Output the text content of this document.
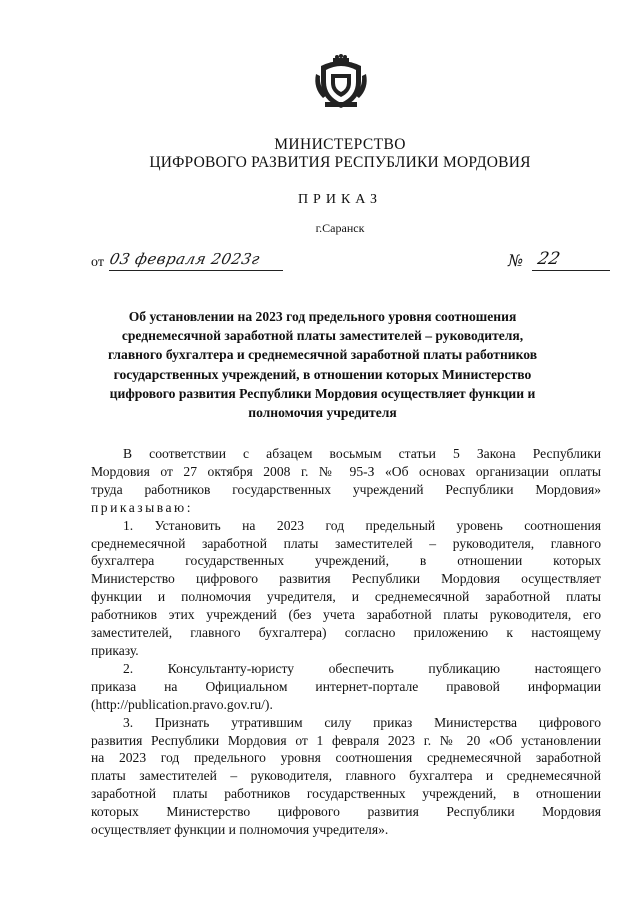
МИНИСТЕРСТВО
ЦИФРОВОГО РАЗВИТИЯ РЕСПУБЛИКИ МОРДОВИЯ
ПРИКАЗ
г.Саранск
от 03 февраля 2023г	№ 22
Об установлении на 2023 год предельного уровня соотношения
среднемесячной заработной платы заместителей – руководителя,
главного бухгалтера и среднемесячной заработной платы работников
государственных учреждений, в отношении которых Министерство
цифрового развития Республики Мордовия осуществляет функции и
полномочия учредителя
В соответствии с абзацем восьмым статьи 5 Закона Республики
Мордовия от 27 октября 2008 г. № 95-З «Об основах организации оплаты
труда работников государственных учреждений Республики Мордовия»
приказываю:
1. Установить на 2023 год предельный уровень соотношения
среднемесячной заработной платы заместителей – руководителя, главного
бухгалтера государственных учреждений, в отношении которых
Министерство цифрового развития Республики Мордовия осуществляет
функции и полномочия учредителя, и среднемесячной заработной платы
работников этих учреждений (без учета заработной платы руководителя, его
заместителей, главного бухгалтера) согласно приложению к настоящему
приказу.
2. Консультанту-юристу обеспечить публикацию настоящего
приказа на Официальном интернет-портале правовой информации
(http://publication.pravo.gov.ru/).
3. Признать утратившим силу приказ Министерства цифрового
развития Республики Мордовия от 1 февраля 2023 г. № 20 «Об установлении
на 2023 год предельного уровня соотношения среднемесячной заработной
платы заместителей – руководителя, главного бухгалтера и среднемесячной
заработной платы работников государственных учреждений, в отношении
которых Министерство цифрового развития Республики Мордовия
осуществляет функции и полномочия учредителя».
